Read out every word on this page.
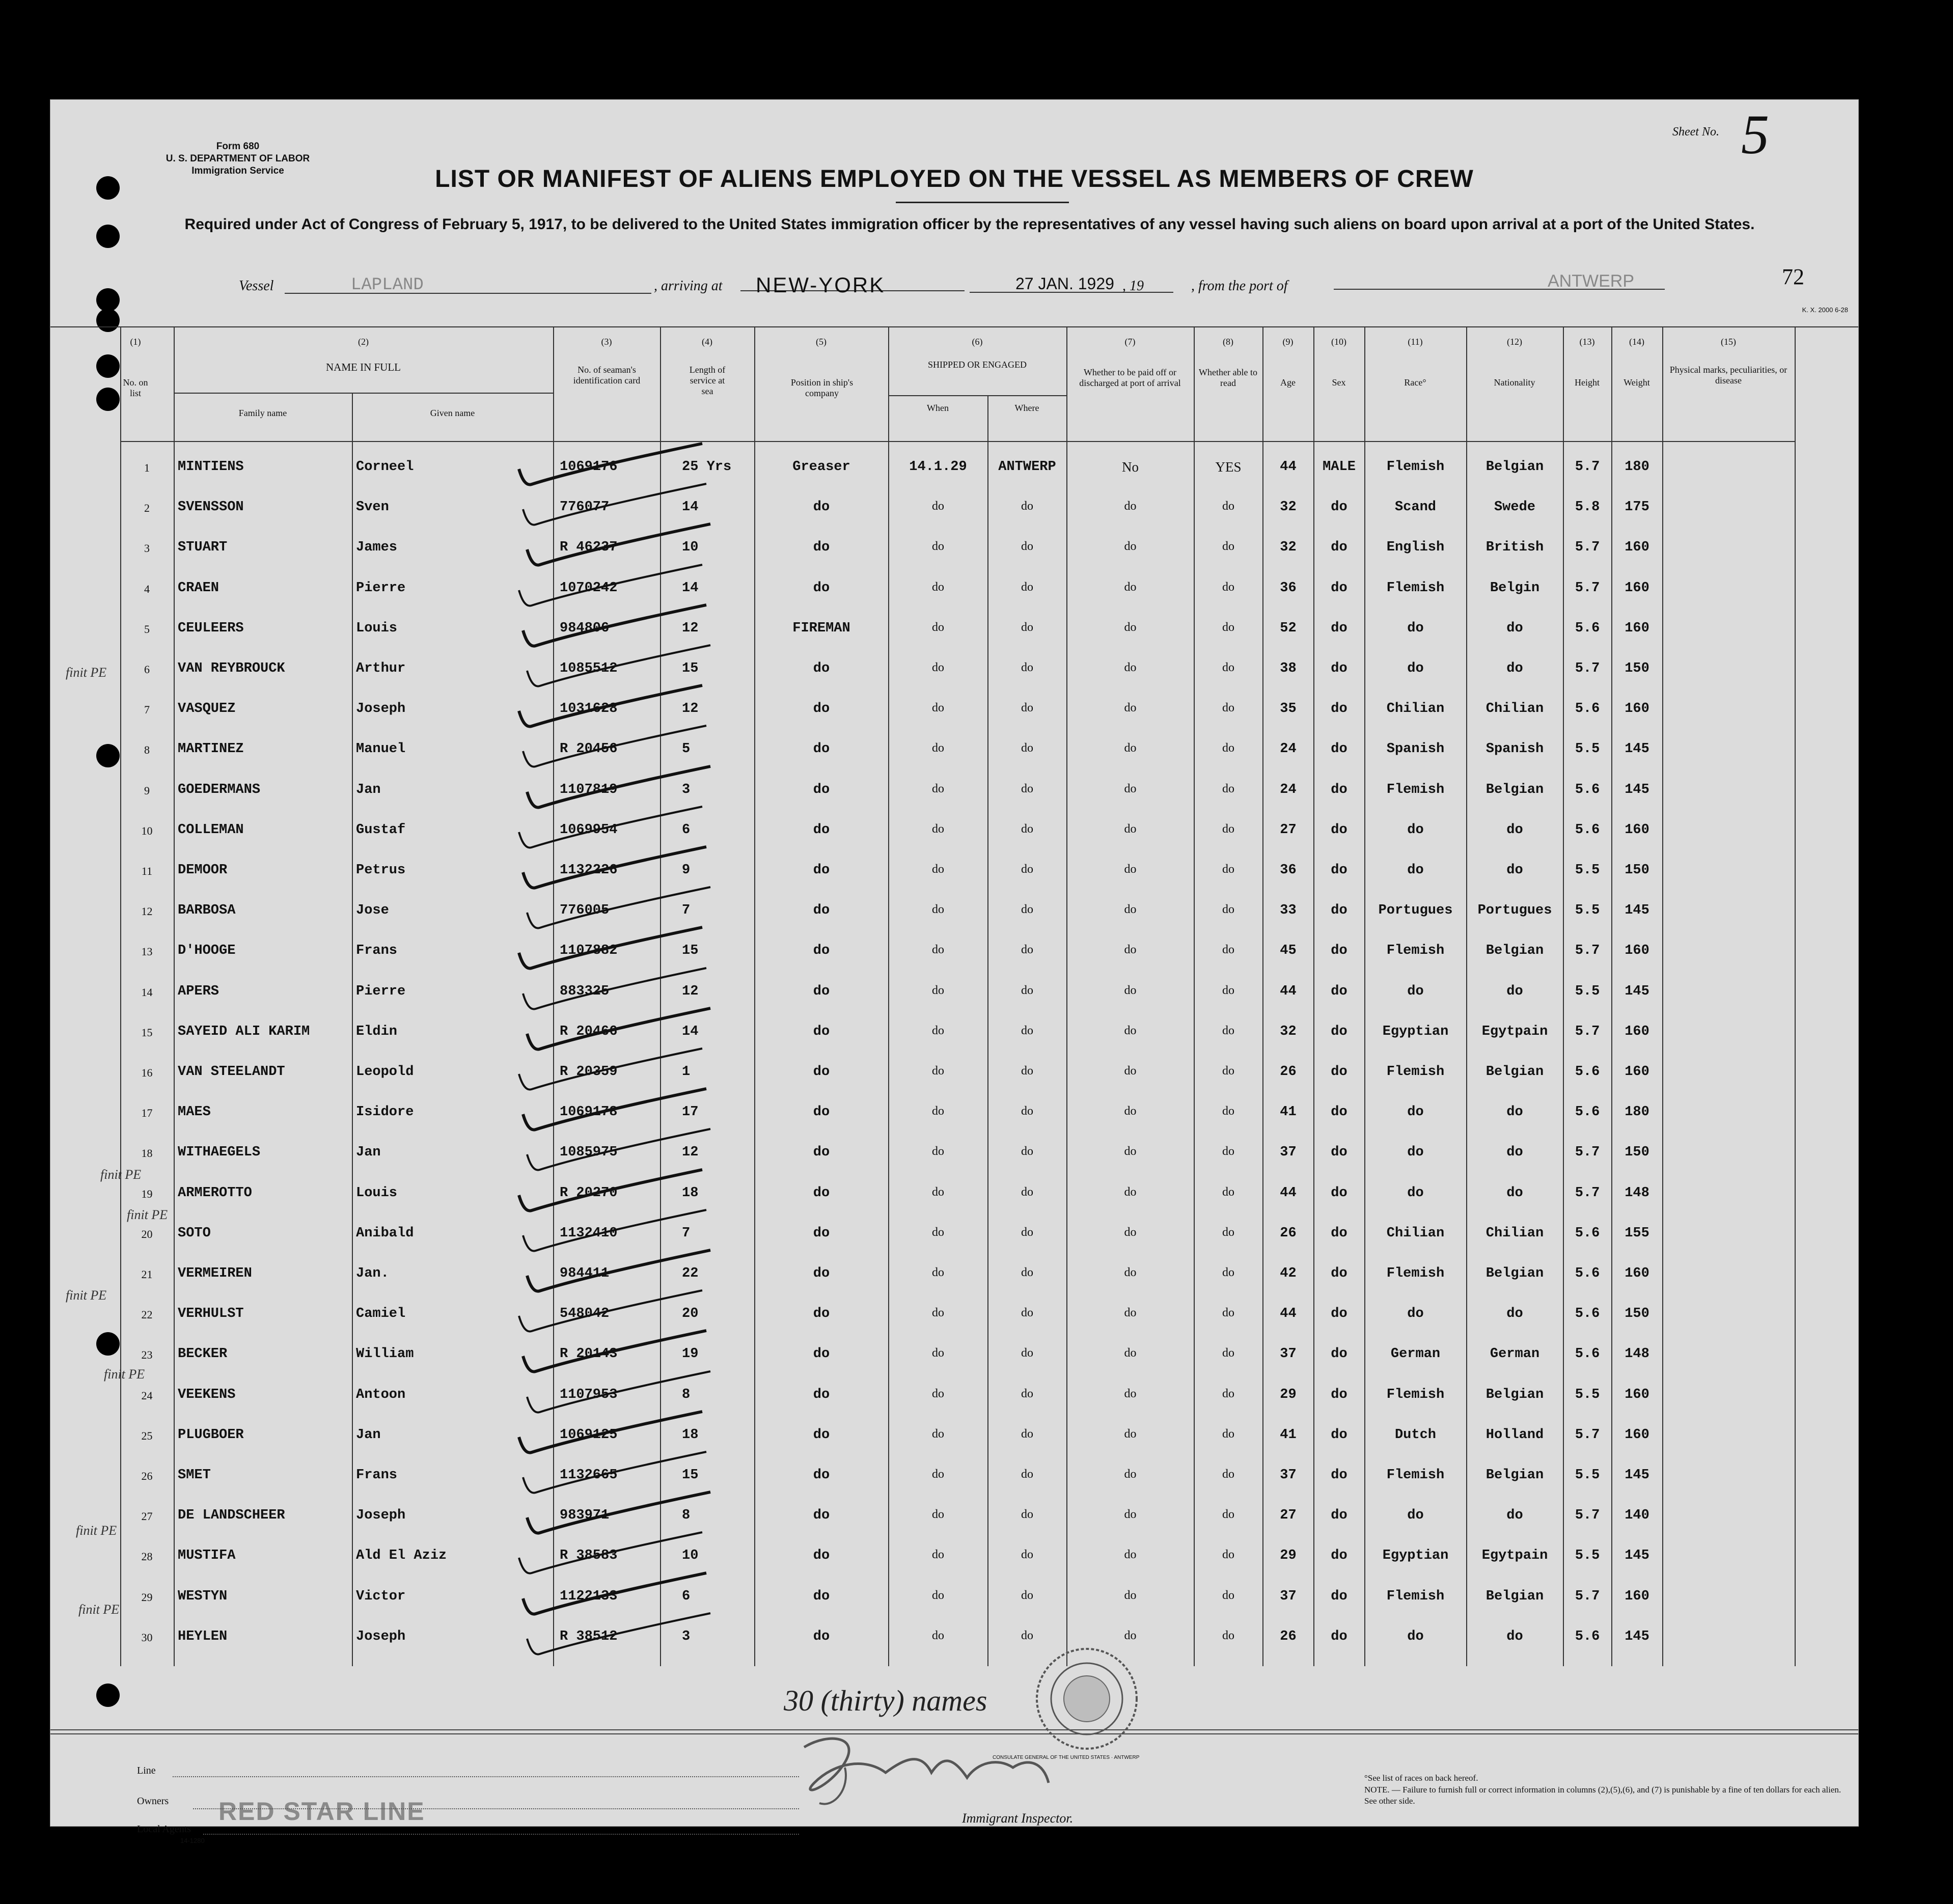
Form 680
U. S. DEPARTMENT OF LABOR
Immigration Service
Sheet No. 5
LIST OR MANIFEST OF ALIENS EMPLOYED ON THE VESSEL AS MEMBERS OF CREW
Required under Act of Congress of February 5, 1917, to be delivered to the United States immigration officer by the representatives of any vessel having such aliens on board upon arrival at a port of the United States.
Vessel	LAPLAND	, arriving at	NEW-YORK	27 JAN. 1929 , 19	, from the port of	ANTWERP	72
K. X. 2000 6-28
(1)
No. on list
(2)
NAME IN FULL
Family name	Given name
(3)
No. of seaman's identification card
(4)
Length of service at sea
(5)
Position in ship's company
(6)
SHIPPED OR ENGAGED
When	Where
(7)
Whether to be paid off or discharged at port of arrival
(8)
Whether able to read
(9)
Age
(10)
Sex
(11)
Race°
(12)
Nationality
(13)
Height
(14)
Weight
(15)
Physical marks, peculiarities, or disease
1	MINTIENS	Corneel	1069176	25 Yrs	Greaser	14.1.29	ANTWERP	No	YES	44	MALE	Flemish	Belgian	5.7	180
2	SVENSSON	Sven	776077	14	do	do	do	do	do	32	do	Scand	Swede	5.8	175
3	STUART	James	R 46237	10	do	do	do	do	do	32	do	English	British	5.7	160
4	CRAEN	Pierre	1070242	14	do	do	do	do	do	36	do	Flemish	Belgin	5.7	160
5	CEULEERS	Louis	984806	12	FIREMAN	do	do	do	do	52	do	do	do	5.6	160
6	VAN REYBROUCK	Arthur	1085512	15	do	do	do	do	do	38	do	do	do	5.7	150
7	VASQUEZ	Joseph	1031628	12	do	do	do	do	do	35	do	Chilian	Chilian	5.6	160
8	MARTINEZ	Manuel	R 20456	5	do	do	do	do	do	24	do	Spanish	Spanish	5.5	145
9	GOEDERMANS	Jan	1107819	3	do	do	do	do	do	24	do	Flemish	Belgian	5.6	145
10	COLLEMAN	Gustaf	1069954	6	do	do	do	do	do	27	do	do	do	5.6	160
11	DEMOOR	Petrus	1132226	9	do	do	do	do	do	36	do	do	do	5.5	150
12	BARBOSA	Jose	776005	7	do	do	do	do	do	33	do	Portugues	Portugues	5.5	145
13	D'HOOGE	Frans	1107882	15	do	do	do	do	do	45	do	Flemish	Belgian	5.7	160
14	APERS	Pierre	883325	12	do	do	do	do	do	44	do	do	do	5.5	145
15	SAYEID ALI KARIM	Eldin	R 20466	14	do	do	do	do	do	32	do	Egyptian	Egytpain	5.7	160
16	VAN STEELANDT	Leopold	R 20359	1	do	do	do	do	do	26	do	Flemish	Belgian	5.6	160
17	MAES	Isidore	1069178	17	do	do	do	do	do	41	do	do	do	5.6	180
18	WITHAEGELS	Jan	1085975	12	do	do	do	do	do	37	do	do	do	5.7	150
19	ARMEROTTO	Louis	R 20270	18	do	do	do	do	do	44	do	do	do	5.7	148
20	SOTO	Anibald	1132410	7	do	do	do	do	do	26	do	Chilian	Chilian	5.6	155
21	VERMEIREN	Jan.	984411	22	do	do	do	do	do	42	do	Flemish	Belgian	5.6	160
22	VERHULST	Camiel	548042	20	do	do	do	do	do	44	do	do	do	5.6	150
23	BECKER	William	R 20143	19	do	do	do	do	do	37	do	German	German	5.6	148
24	VEEKENS	Antoon	1107953	8	do	do	do	do	do	29	do	Flemish	Belgian	5.5	160
25	PLUGBOER	Jan	1069125	18	do	do	do	do	do	41	do	Dutch	Holland	5.7	160
26	SMET	Frans	1132665	15	do	do	do	do	do	37	do	Flemish	Belgian	5.5	145
27	DE LANDSCHEER	Joseph	983971	8	do	do	do	do	do	27	do	do	do	5.7	140
28	MUSTIFA	Ald El Aziz	R 38583	10	do	do	do	do	do	29	do	Egyptian	Egytpain	5.5	145
29	WESTYN	Victor	1122133	6	do	do	do	do	do	37	do	Flemish	Belgian	5.7	160
30	HEYLEN	Joseph	R 38512	3	do	do	do	do	do	26	do	do	do	5.6	145
finit PE
finit PE
finit PE
finit PE
finit PE
finit PE
finit PE
30 (thirty) names
Line
Owners RED STAR LINE
Local Agents
14-1280
CONSULATE GENERAL OF THE UNITED STATES · ANTWERP
Immigrant Inspector.
°See list of races on back hereof.
NOTE. — Failure to furnish full or correct information in columns (2),(5),(6), and (7) is punishable by a fine of ten dollars for each alien. See other side.
